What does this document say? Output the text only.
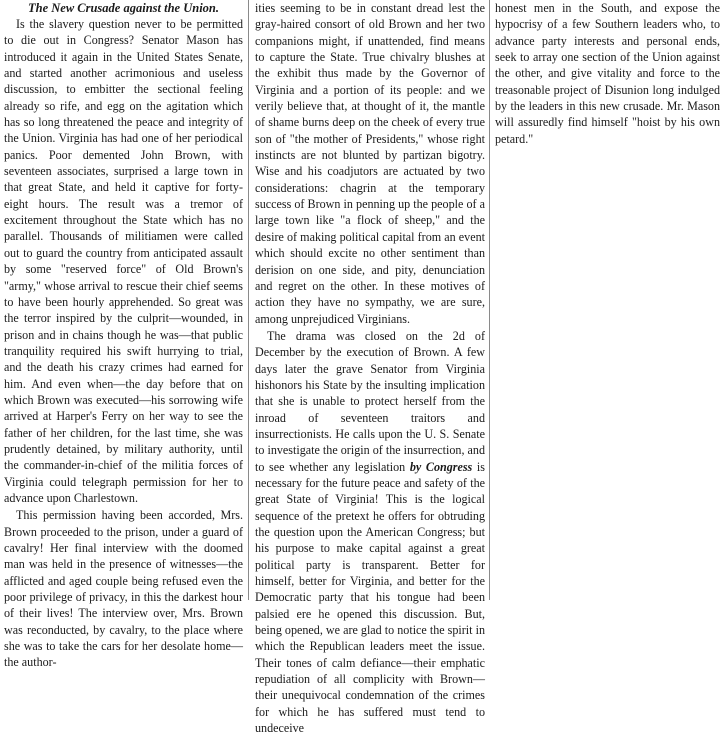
The New Crusade against the Union.

Is the slavery question never to be permitted to die out in Congress? Senator Mason has introduced it again in the United States Senate, and started another acrimonious and useless discussion, to embitter the sectional feeling already so rife, and egg on the agitation which has so long threatened the peace and integrity of the Union. Virginia has had one of her periodical panics. Poor demented John Brown, with seventeen associates, surprised a large town in that great State, and held it captive for forty-eight hours. The result was a tremor of excitement throughout the State which has no parallel. Thousands of militiamen were called out to guard the country from anticipated assault by some "reserved force" of Old Brown's "army," whose arrival to rescue their chief seems to have been hourly apprehended. So great was the terror inspired by the culprit—wounded, in prison and in chains though he was—that public tranquility required his swift hurrying to trial, and the death his crazy crimes had earned for him. And even when—the day before that on which Brown was executed—his sorrowing wife arrived at Harper's Ferry on her way to see the father of her children, for the last time, she was prudently detained, by military authority, until the commander-in-chief of the militia forces of Virginia could telegraph permission for her to advance upon Charlestown.

This permission having been accorded, Mrs. Brown proceeded to the prison, under a guard of cavalry! Her final interview with the doomed man was held in the presence of witnesses—the afflicted and aged couple being refused even the poor privilege of privacy, in this the darkest hour of their lives! The interview over, Mrs. Brown was reconducted, by cavalry, to the place where she was to take the cars for her desolate home—the author-

ities seeming to be in constant dread lest the gray-haired consort of old Brown and her two companions might, if unattended, find means to capture the State. True chivalry blushes at the exhibit thus made by the Governor of Virginia and a portion of its people: and we verily believe that, at thought of it, the mantle of shame burns deep on the cheek of every true son of "the mother of Presidents," whose right instincts are not blunted by partizan bigotry. Wise and his coadjutors are actuated by two considerations: chagrin at the temporary success of Brown in penning up the people of a large town like "a flock of sheep," and the desire of making political capital from an event which should excite no other sentiment than derision on one side, and pity, denunciation and regret on the other. In these motives of action they have no sympathy, we are sure, among unprejudiced Virginians.

The drama was closed on the 2d of December by the execution of Brown. A few days later the grave Senator from Virginia hishonors his State by the insulting implication that she is unable to protect herself from the inroad of seventeen traitors and insurrectionists. He calls upon the U. S. Senate to investigate the origin of the insurrection, and to see whether any legislation by Congress is necessary for the future peace and safety of the great State of Virginia! This is the logical sequence of the pretext he offers for obtruding the question upon the American Congress; but his purpose to make capital against a great political party is transparent. Better for himself, better for Virginia, and better for the Democratic party that his tongue had been palsied ere he opened this discussion. But, being opened, we are glad to notice the spirit in which the Republican leaders meet the issue. Their tones of calm defiance—their emphatic repudiation of all complicity with Brown—their unequivocal condemnation of the crimes for which he has suffered must tend to undeceive

honest men in the South, and expose the hypocrisy of a few Southern leaders who, to advance party interests and personal ends, seek to array one section of the Union against the other, and give vitality and force to the treasonable project of Disunion long indulged by the leaders in this new crusade. Mr. Mason will assuredly find himself "hoist by his own petard."
